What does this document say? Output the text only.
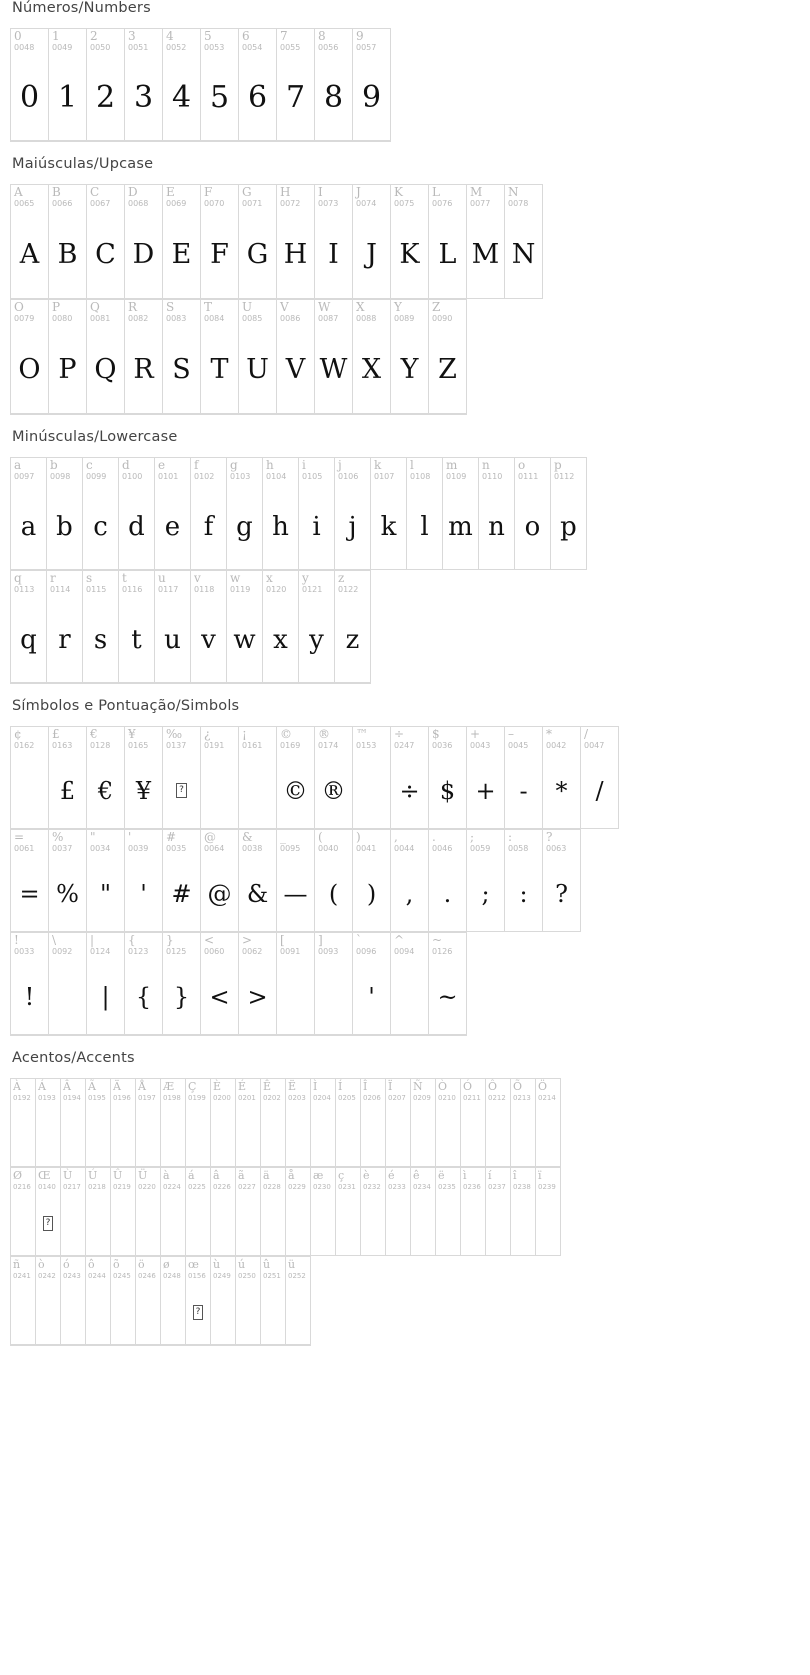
Números/Numbers
0
0048
0
1
0049
1
2
0050
2
3
0051
3
4
0052
4
5
0053
5
6
0054
6
7
0055
7
8
0056
8
9
0057
9
Maiúsculas/Upcase
A
0065
A
B
0066
B
C
0067
C
D
0068
D
E
0069
E
F
0070
F
G
0071
G
H
0072
H
I
0073
I
J
0074
J
K
0075
K
L
0076
L
M
0077
M
N
0078
N
O
0079
O
P
0080
P
Q
0081
Q
R
0082
R
S
0083
S
T
0084
T
U
0085
U
V
0086
V
W
0087
W
X
0088
X
Y
0089
Y
Z
0090
Z
Minúsculas/Lowercase
a
0097
a
b
0098
b
c
0099
c
d
0100
d
e
0101
e
f
0102
f
g
0103
g
h
0104
h
i
0105
i
j
0106
j
k
0107
k
l
0108
l
m
0109
m
n
0110
n
o
0111
o
p
0112
p
q
0113
q
r
0114
r
s
0115
s
t
0116
t
u
0117
u
v
0118
v
w
0119
w
x
0120
x
y
0121
y
z
0122
z
Símbolos e Pontuação/Simbols
¢
0162
£
0163
£
€
0128
€
¥
0165
¥
‰
0137
?
¿
0191
¡
0161
©
0169
©
®
0174
®
™
0153
÷
0247
÷
$
0036
$
+
0043
+
–
0045
-
*
0042
*
/
0047
/
=
0061
=
%
0037
%
"
0034
"
'
0039
'
#
0035
#
@
0064
@
&
0038
&
_
0095
—
(
0040
(
)
0041
)
,
0044
,
.
0046
.
;
0059
;
:
0058
:
?
0063
?
!
0033
!
\
0092
|
0124
|
{
0123
{
}
0125
}
<
0060
<
>
0062
>
[
0091
]
0093
`
0096
'
^
0094
~
0126
~
Acentos/Accents
À
0192
Á
0193
Â
0194
Ã
0195
Ä
0196
Å
0197
Æ
0198
Ç
0199
È
0200
É
0201
Ê
0202
Ë
0203
Ì
0204
Í
0205
Î
0206
Ï
0207
Ñ
0209
Ò
0210
Ó
0211
Ô
0212
Õ
0213
Ö
0214
Ø
0216
Œ
0140
?
Ù
0217
Ú
0218
Û
0219
Ü
0220
à
0224
á
0225
â
0226
ã
0227
ä
0228
å
0229
æ
0230
ç
0231
è
0232
é
0233
ê
0234
ë
0235
ì
0236
í
0237
î
0238
ï
0239
ñ
0241
ò
0242
ó
0243
ô
0244
õ
0245
ö
0246
ø
0248
œ
0156
?
ù
0249
ú
0250
û
0251
ü
0252
